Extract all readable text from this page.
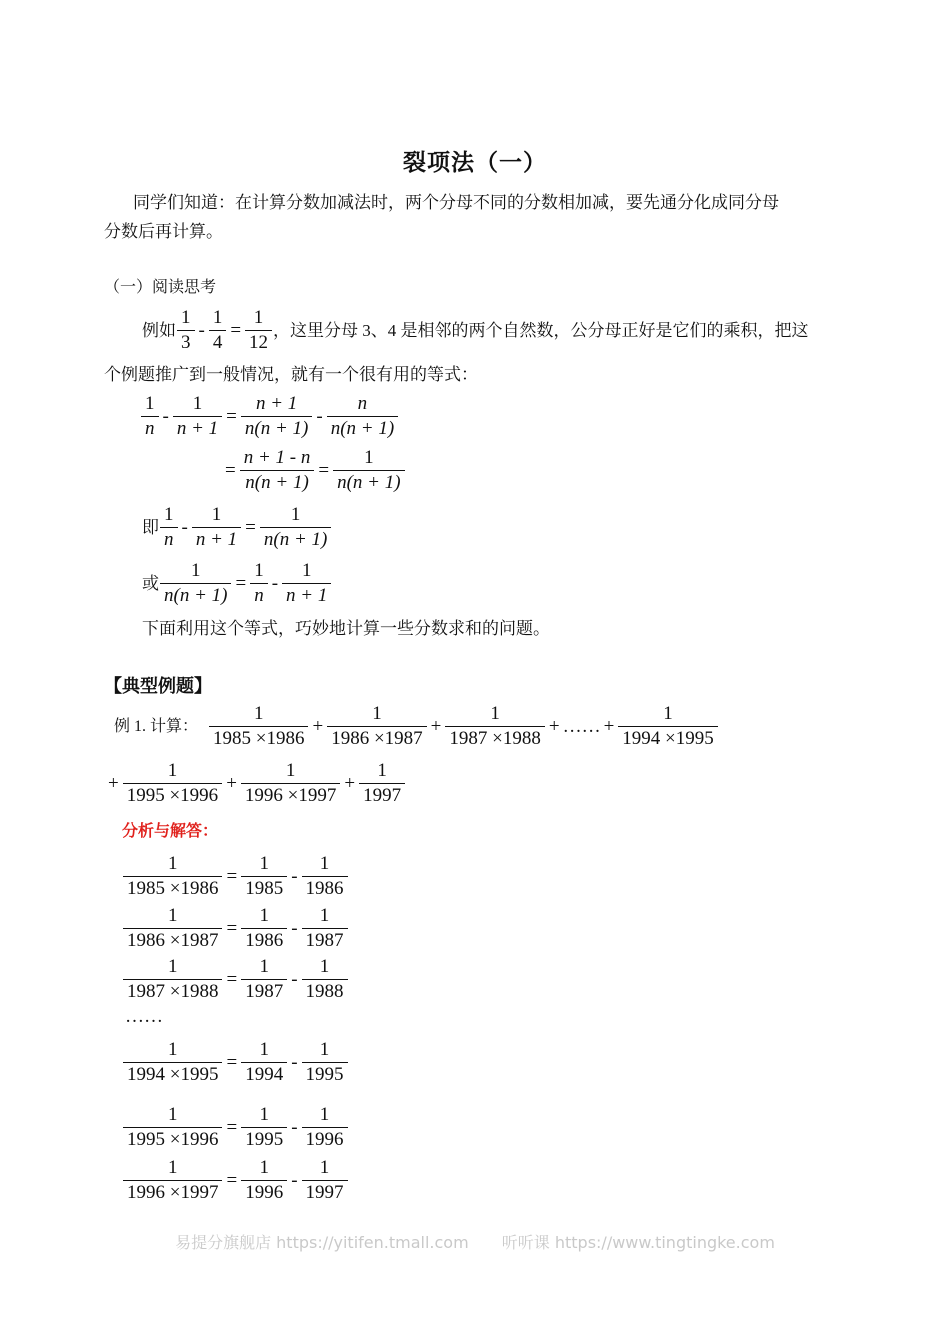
裂项法（一）
同学们知道：在计算分数加减法时，两个分母不同的分数相加减，要先通分化成同分母
分数后再计算。
（一）阅读思考
例如 $\frac{1}{3} - \frac{1}{4} = \frac{1}{12}$ ，这里分母 3、4 是相邻的两个自然数，公分母正好是它们的乘积，把这
个例题推广到一般情况，就有一个很有用的等式：
$\frac{1}{n} - \frac{1}{n + 1} = \frac{n + 1}{n(n + 1)} - \frac{n}{n(n + 1)}$
= $\frac{n + 1 - n}{n(n + 1)} = \frac{1}{n(n + 1)}$
即 $\frac{1}{n} - \frac{1}{n + 1} = \frac{1}{n(n + 1)}$
或 $\frac{1}{n(n + 1)} = \frac{1}{n} - \frac{1}{n + 1}$
下面利用这个等式，巧妙地计算一些分数求和的问题。
【典型例题】
例 1. 计算： $\frac{1}{1985 \times 1986} + \frac{1}{1986 \times 1987} + \frac{1}{1987 \times 1988}$ + …… + $\frac{1}{1994 \times 1995}$
+ $\frac{1}{1995 \times 1996} + \frac{1}{1996 \times 1997} + \frac{1}{1997}$
分析与解答：
$\frac{1}{1985 \times 1986} = \frac{1}{1985} - \frac{1}{1986}$
$\frac{1}{1986 \times 1987} = \frac{1}{1986} - \frac{1}{1987}$
$\frac{1}{1987 \times 1988} = \frac{1}{1987} - \frac{1}{1988}$
……
$\frac{1}{1994 \times 1995} = \frac{1}{1994} - \frac{1}{1995}$
$\frac{1}{1995 \times 1996} = \frac{1}{1995} - \frac{1}{1996}$
$\frac{1}{1996 \times 1997} = \frac{1}{1996} - \frac{1}{1997}$
易提分旗舰店 https://yitifen.tmall.com 听听课 https://www.tingtingke.com
